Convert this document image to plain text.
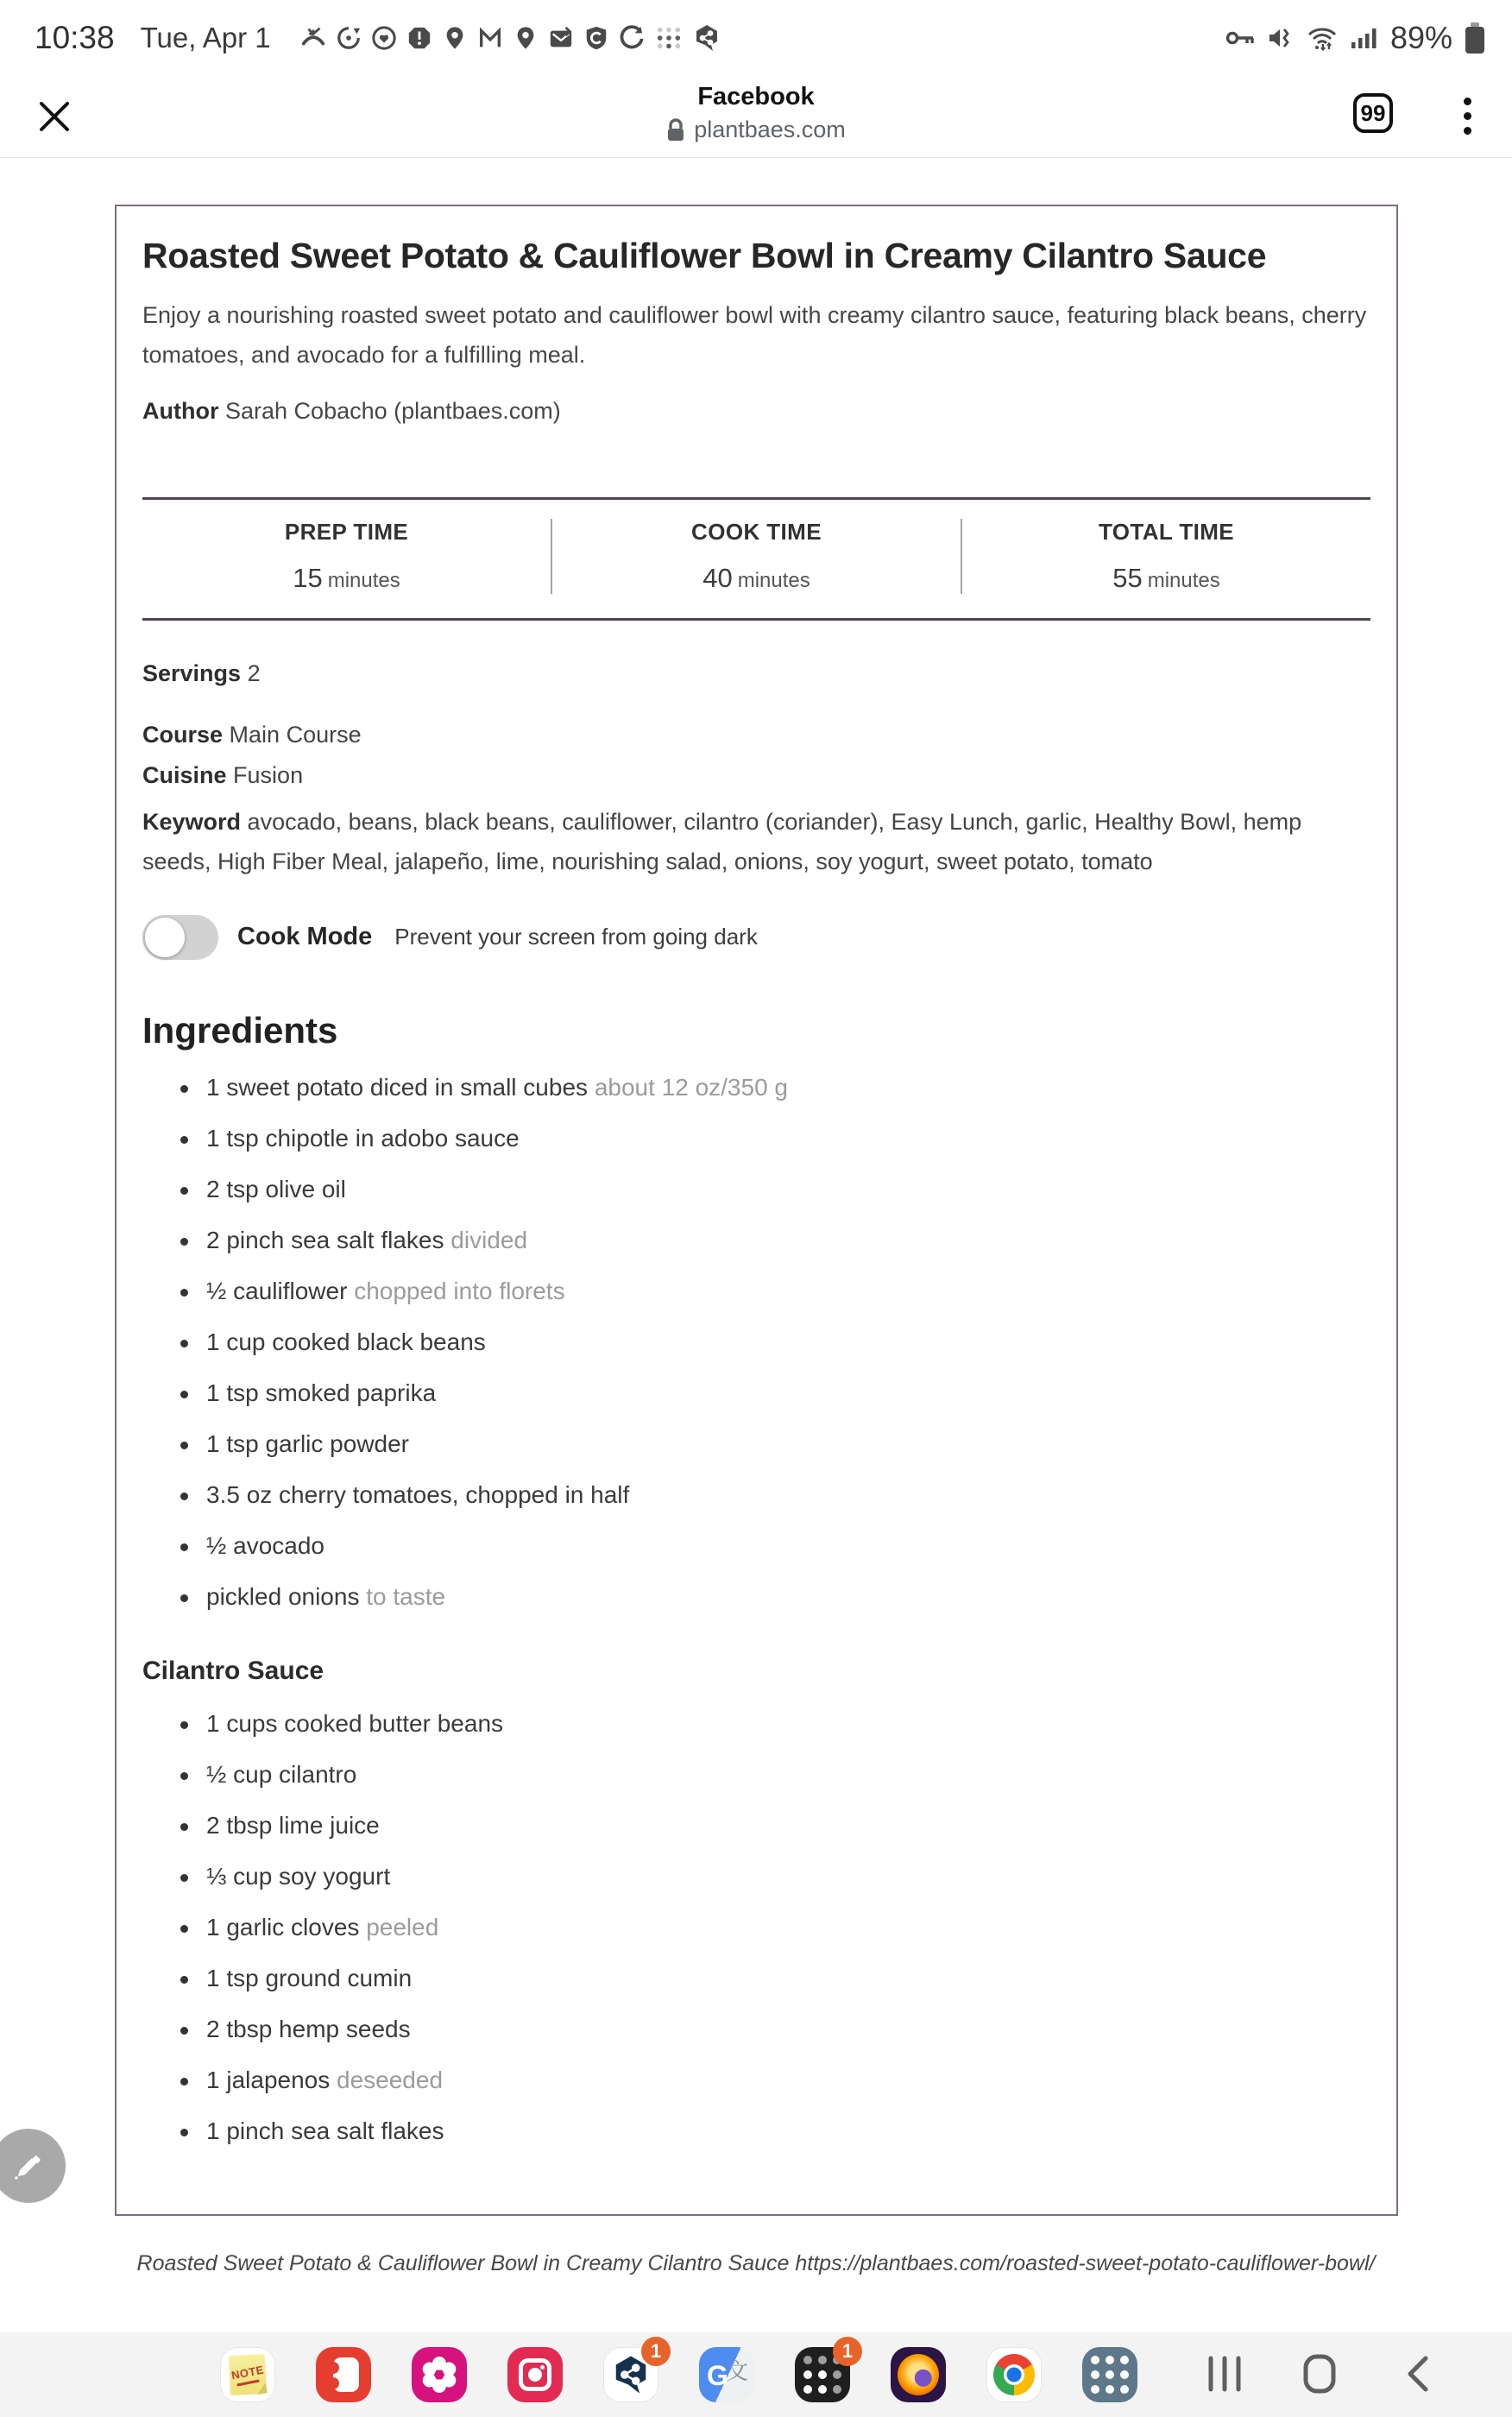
10:38 Tue, Apr 1	89%
Facebook
plantbaes.com
99
Roasted Sweet Potato & Cauliflower Bowl in Creamy Cilantro Sauce
Enjoy a nourishing roasted sweet potato and cauliflower bowl with creamy cilantro sauce, featuring black beans, cherry tomatoes, and avocado for a fulfilling meal.
Author Sarah Cobacho (plantbaes.com)
PREP TIME
15 minutes
COOK TIME
40 minutes
TOTAL TIME
55 minutes
Servings 2
Course Main Course
Cuisine Fusion
Keyword avocado, beans, black beans, cauliflower, cilantro (coriander), Easy Lunch, garlic, Healthy Bowl, hemp seeds, High Fiber Meal, jalapeño, lime, nourishing salad, onions, soy yogurt, sweet potato, tomato
Cook Mode Prevent your screen from going dark
Ingredients
1 sweet potato diced in small cubes about 12 oz/350 g
1 tsp chipotle in adobo sauce
2 tsp olive oil
2 pinch sea salt flakes divided
½ cauliflower chopped into florets
1 cup cooked black beans
1 tsp smoked paprika
1 tsp garlic powder
3.5 oz cherry tomatoes, chopped in half
½ avocado
pickled onions to taste
Cilantro Sauce
1 cups cooked butter beans
½ cup cilantro
2 tbsp lime juice
⅓ cup soy yogurt
1 garlic cloves peeled
1 tsp ground cumin
2 tbsp hemp seeds
1 jalapenos deseeded
1 pinch sea salt flakes
Roasted Sweet Potato & Cauliflower Bowl in Creamy Cilantro Sauce https://plantbaes.com/roasted-sweet-potato-cauliflower-bowl/
NOTE
1
G
文
1
